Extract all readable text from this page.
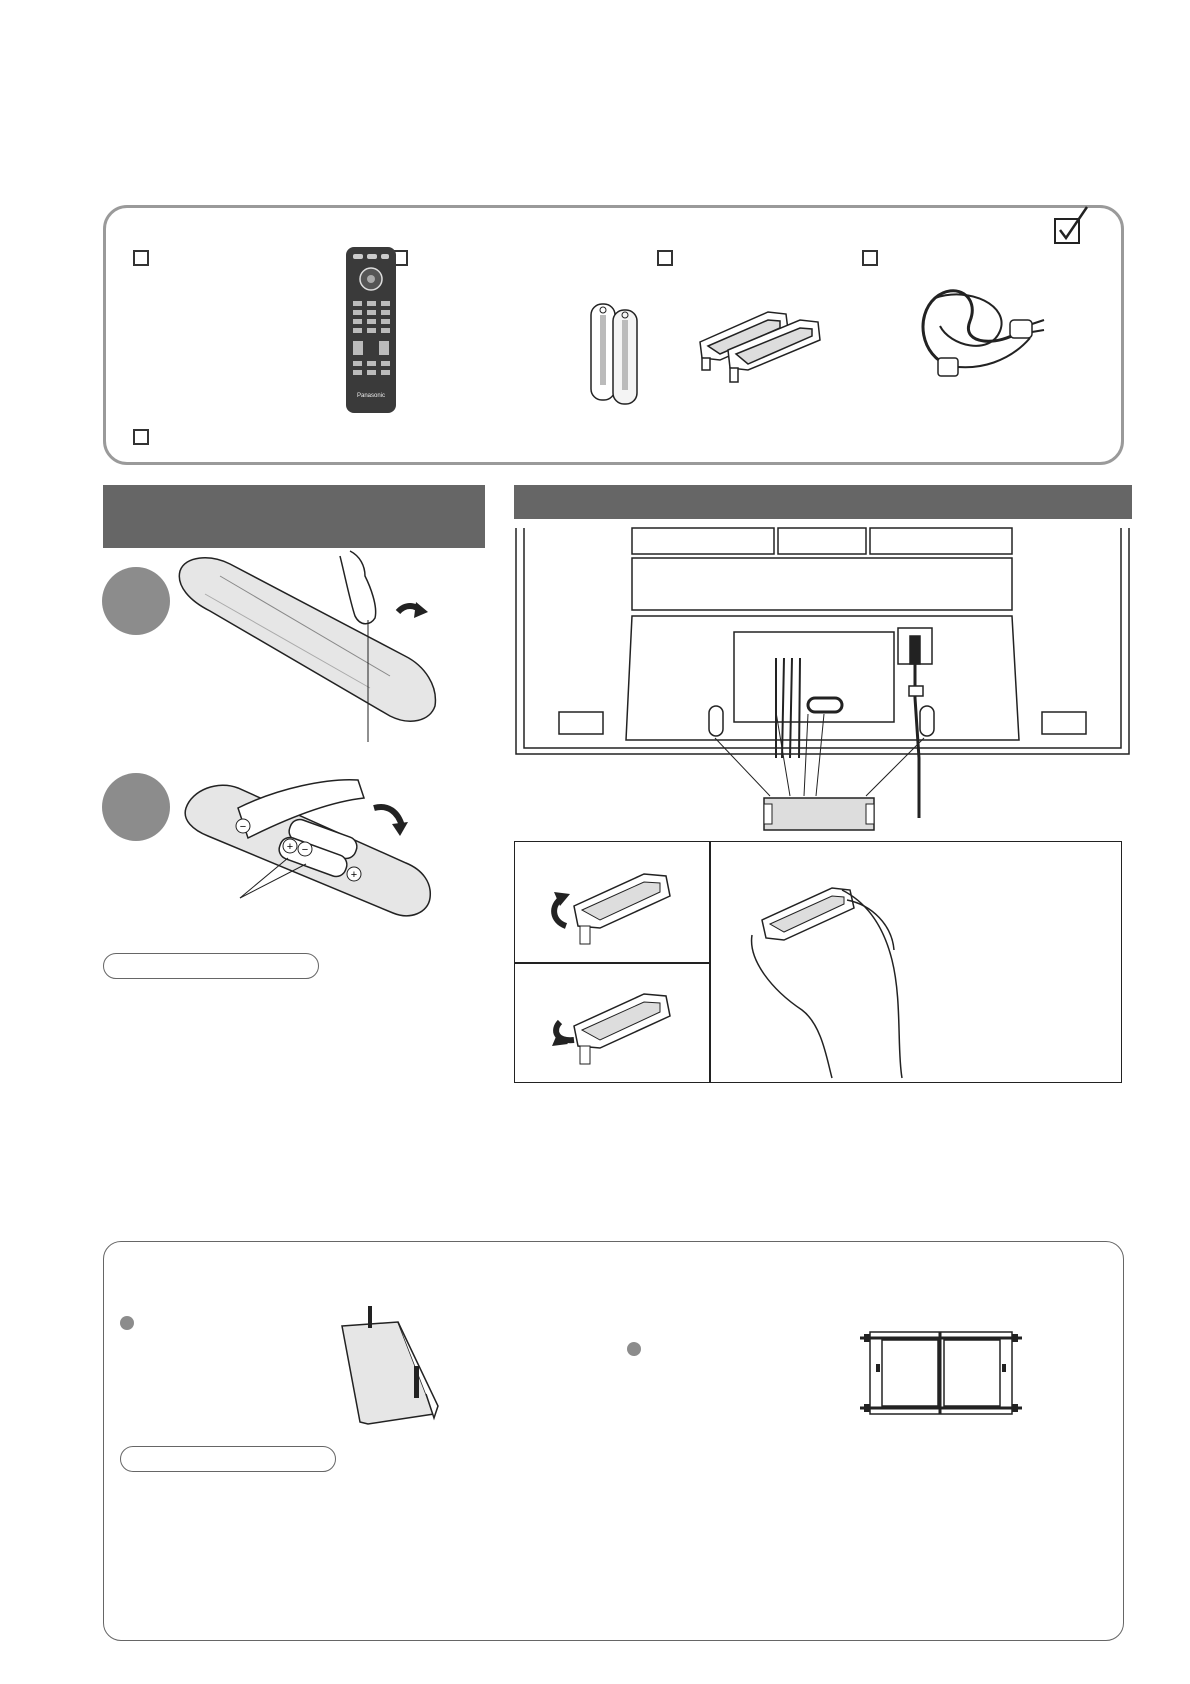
Panasonic
−
+ −
+
